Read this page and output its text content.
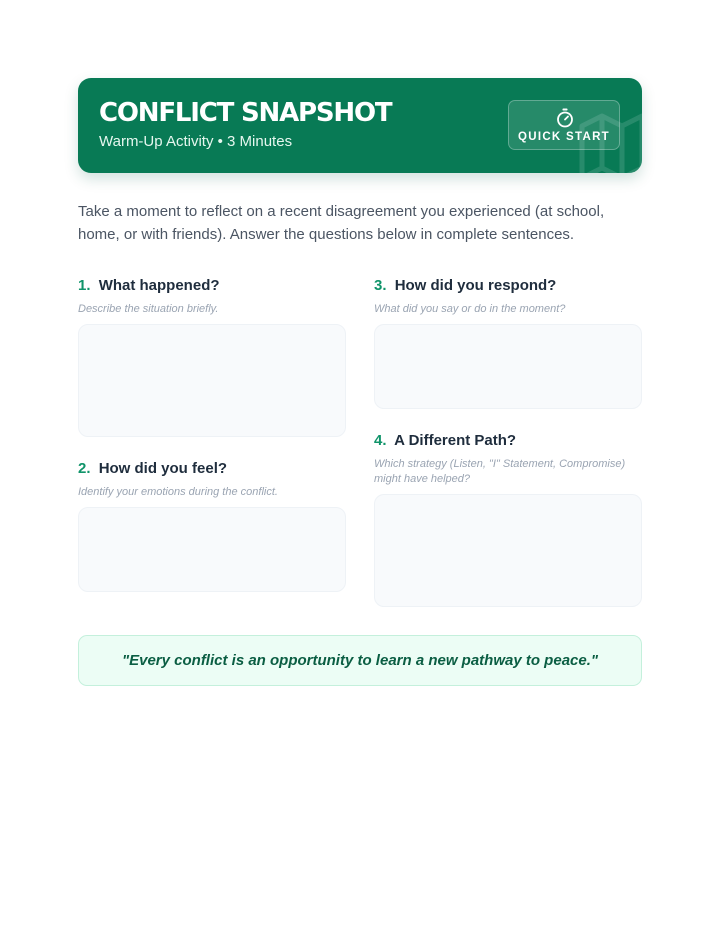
CONFLICT SNAPSHOT
Warm-Up Activity • 3 Minutes	QUICK START
Take a moment to reflect on a recent disagreement you experienced (at school, home, or with friends). Answer the questions below in complete sentences.
1. What happened?
Describe the situation briefly.
2. How did you feel?
Identify your emotions during the conflict.
3. How did you respond?
What did you say or do in the moment?
4. A Different Path?
Which strategy (Listen, "I" Statement, Compromise) might have helped?
"Every conflict is an opportunity to learn a new pathway to peace."
